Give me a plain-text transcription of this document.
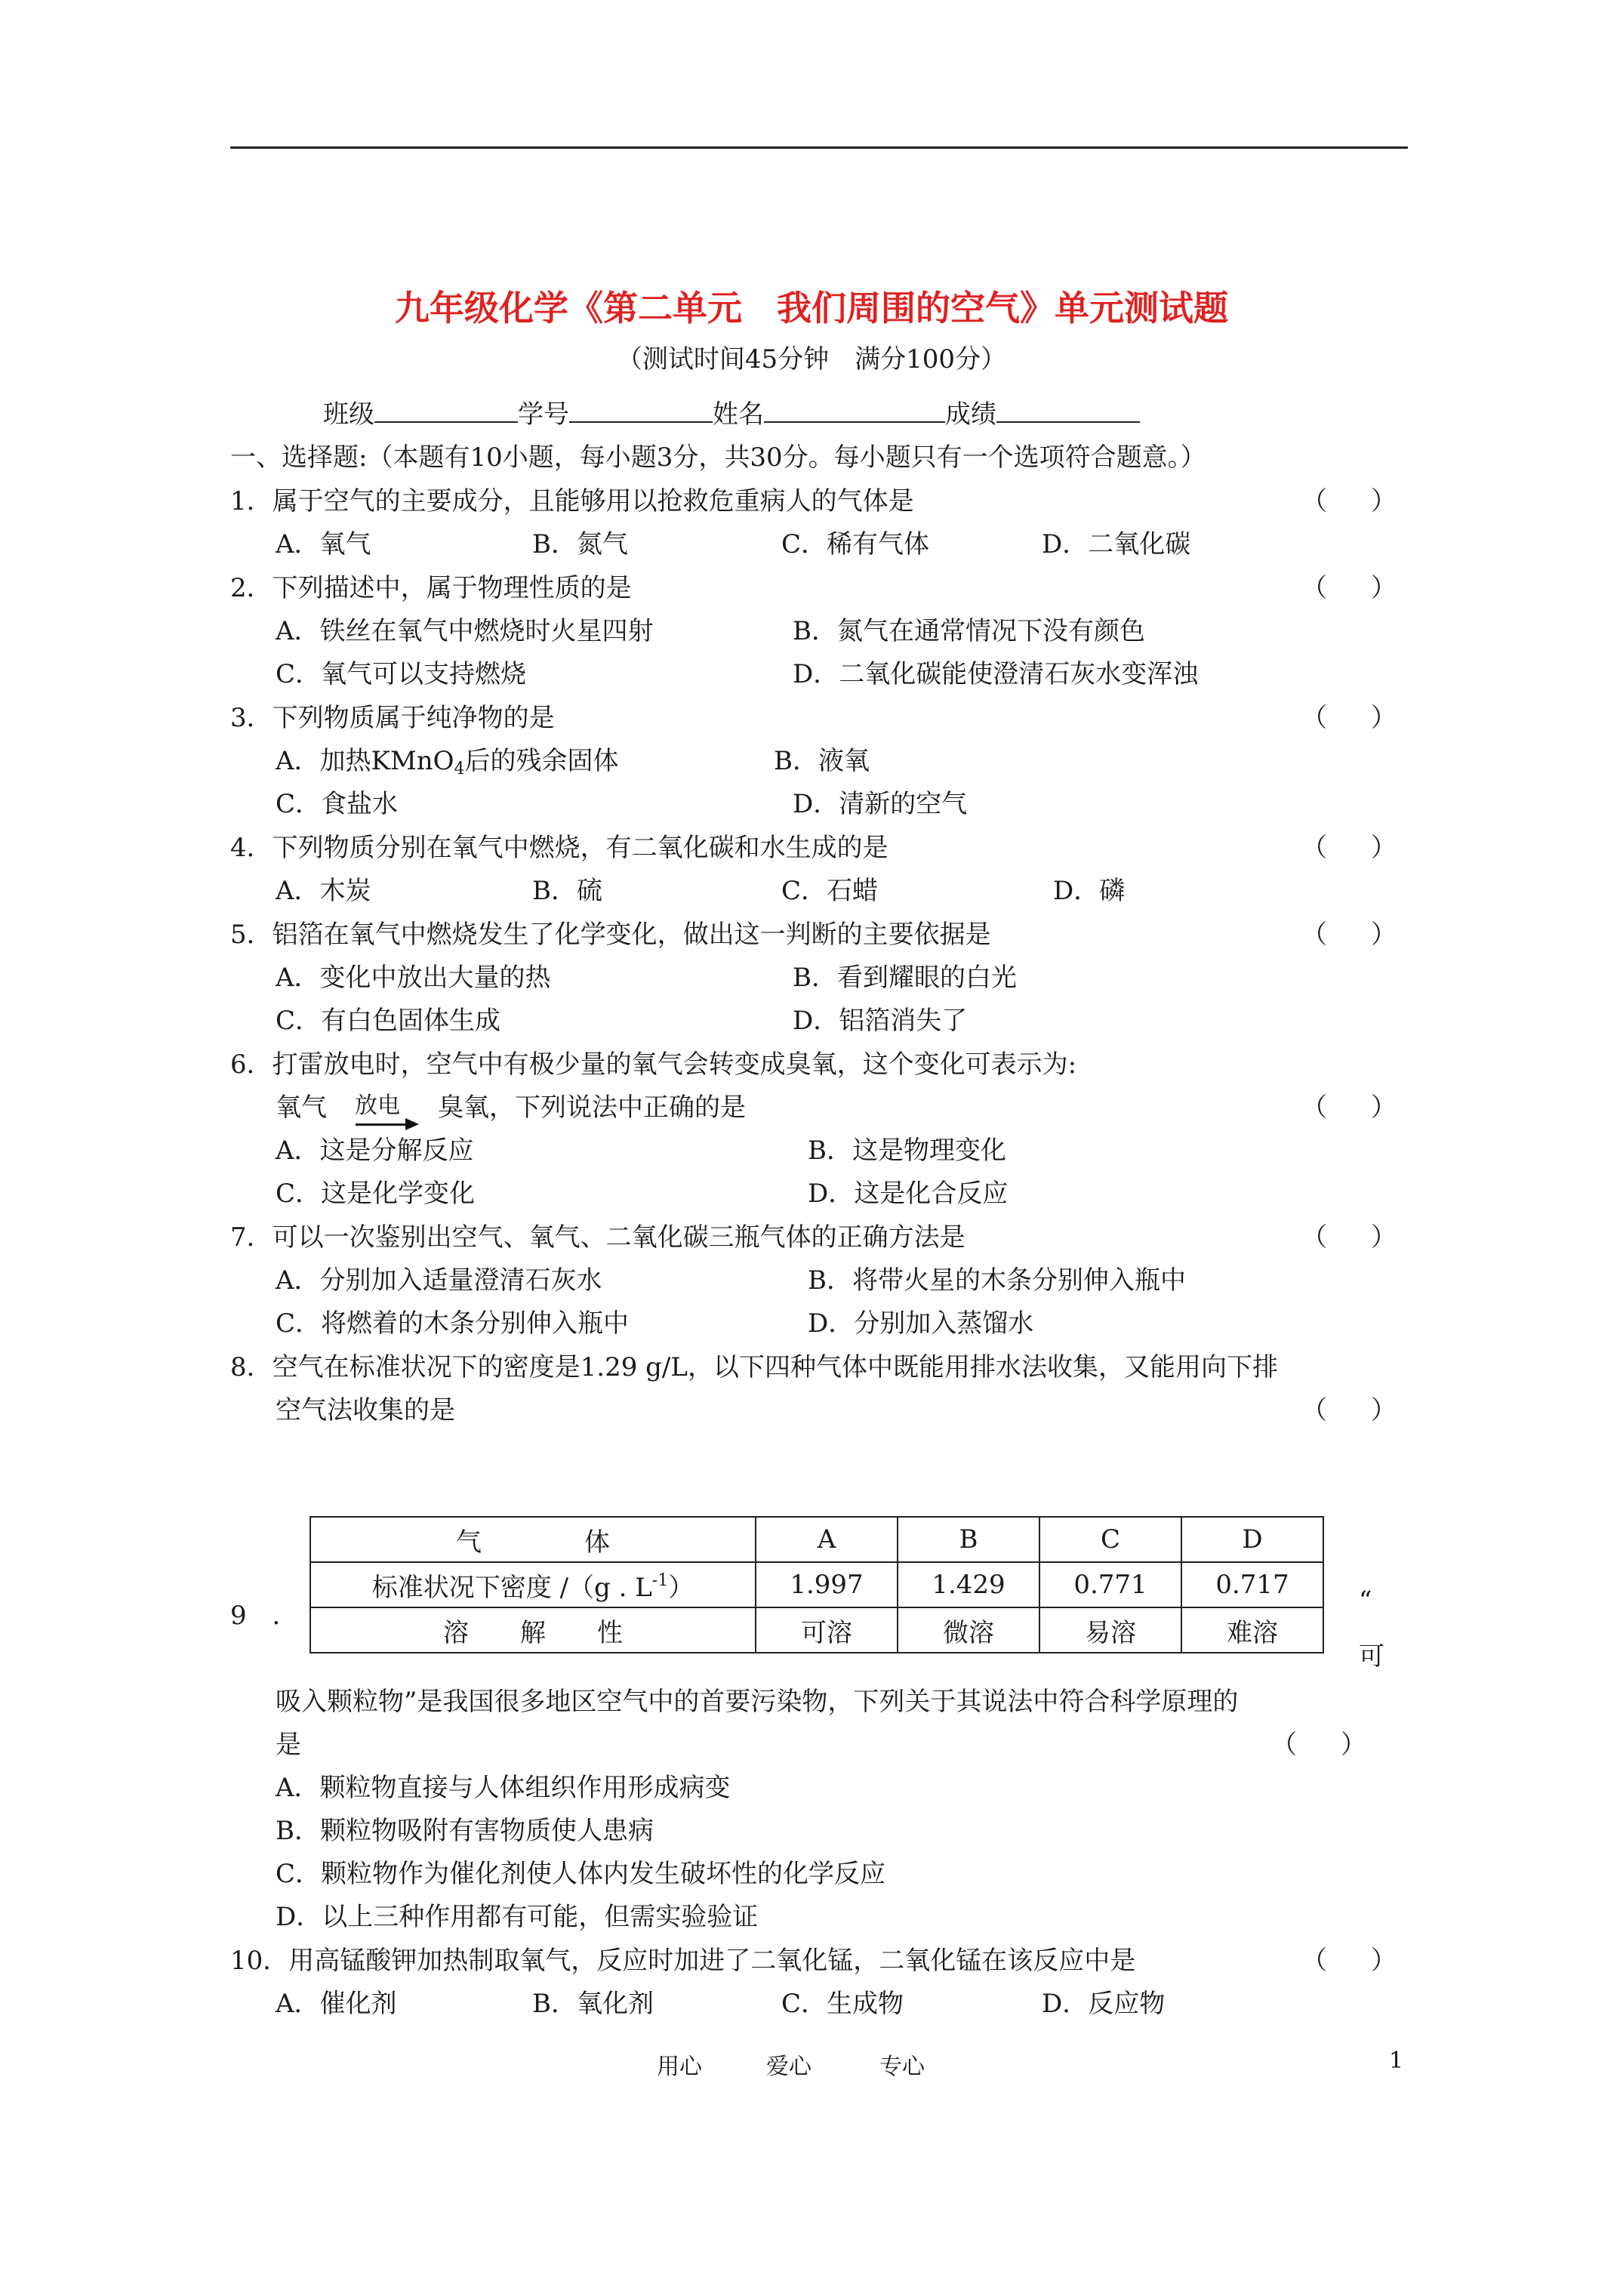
九年级化学《第二单元　我们周围的空气》单元测试题
（测试时间45分钟　满分100分）
班级	学号	姓名	成绩
一、选择题:（本题有10小题，每小题3分，共30分。每小题只有一个选项符合题意。）
1．属于空气的主要成分，且能够用以抢救危重病人的气体是	（ ）
A．氧气	B．氮气	C．稀有气体	D．二氧化碳
2．下列描述中，属于物理性质的是	（ ）
A．铁丝在氧气中燃烧时火星四射	B．氮气在通常情况下没有颜色
C．氧气可以支持燃烧	D．二氧化碳能使澄清石灰水变浑浊
3．下列物质属于纯净物的是	（ ）
A．加热KMnO$_4$后的残余固体	B．液氧
C．食盐水	D．清新的空气
4．下列物质分别在氧气中燃烧，有二氧化碳和水生成的是	（ ）
A．木炭	B．硫	C．石蜡	D．磷
5．铝箔在氧气中燃烧发生了化学变化，做出这一判断的主要依据是	（ ）
A．变化中放出大量的热	B．看到耀眼的白光
C．有白色固体生成	D．铝箔消失了
6．打雷放电时，空气中有极少量的氧气会转变成臭氧，这个变化可表示为:
氧气 放电 臭氧，下列说法中正确的是	（ ）
A．这是分解反应	B．这是物理变化
C．这是化学变化	D．这是化合反应
7．可以一次鉴别出空气、氧气、二氧化碳三瓶气体的正确方法是	（ ）
A．分别加入适量澄清石灰水	B．将带火星的木条分别伸入瓶中
C．将燃着的木条分别伸入瓶中	D．分别加入蒸馏水
8．空气在标准状况下的密度是1.29 g/L，以下四种气体中既能用排水法收集，又能用向下排
空气法收集的是	（ ）
气　　　　体	A	B	C	D
标准状况下密度 /（g . $L^{-1}$）	1.997	1.429	0.771	0.717
溶　　解　　性	可溶	微溶	易溶	难溶
9　．	“
可
吸入颗粒物”是我国很多地区空气中的首要污染物，下列关于其说法中符合科学原理的
是	（ ）
A．颗粒物直接与人体组织作用形成病变
B．颗粒物吸附有害物质使人患病
C．颗粒物作为催化剂使人体内发生破坏性的化学反应
D．以上三种作用都有可能，但需实验验证
10．用高锰酸钾加热制取氧气，反应时加进了二氧化锰，二氧化锰在该反应中是	（ ）
A．催化剂	B．氧化剂	C．生成物	D．反应物
用心	爱心	专心	1
